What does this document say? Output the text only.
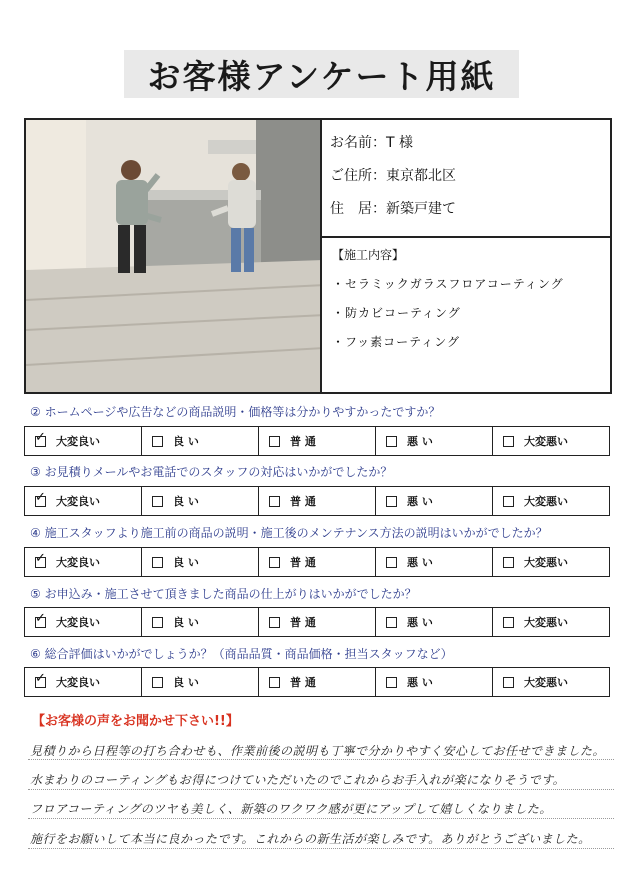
お客様アンケート用紙
お名前：T 様
ご住所：東京都北区
住　居：新築戸建て
【施工内容】
・セラミックガラスフロアコーティング
・防カビコーティング
・フッ素コーティング
② ホームページや広告などの商品説明・価格等は分かりやすかったですか？
✓
大変良い	良 い	普 通	悪 い	大変悪い
③ お見積りメールやお電話でのスタッフの対応はいかがでしたか？
✓
大変良い	良 い	普 通	悪 い	大変悪い
④ 施工スタッフより施工前の商品の説明・施工後のメンテナンス方法の説明はいかがでしたか？
✓
大変良い	良 い	普 通	悪 い	大変悪い
⑤ お申込み・施工させて頂きました商品の仕上がりはいかがでしたか？
✓
大変良い	良 い	普 通	悪 い	大変悪い
⑥ 総合評価はいかがでしょうか？（商品品質・商品価格・担当スタッフなど）
✓
大変良い	良 い	普 通	悪 い	大変悪い
【お客様の声をお聞かせ下さい!!】
見積りから日程等の打ち合わせも、作業前後の説明も丁寧で分かりやすく安心してお任せできました。
水まわりのコーティングもお得につけていただいたのでこれからお手入れが楽になりそうです。
フロアコーティングのツヤも美しく、新築のワクワク感が更にアップして嬉しくなりました。
施行をお願いして本当に良かったです。これからの新生活が楽しみです。ありがとうございました。
